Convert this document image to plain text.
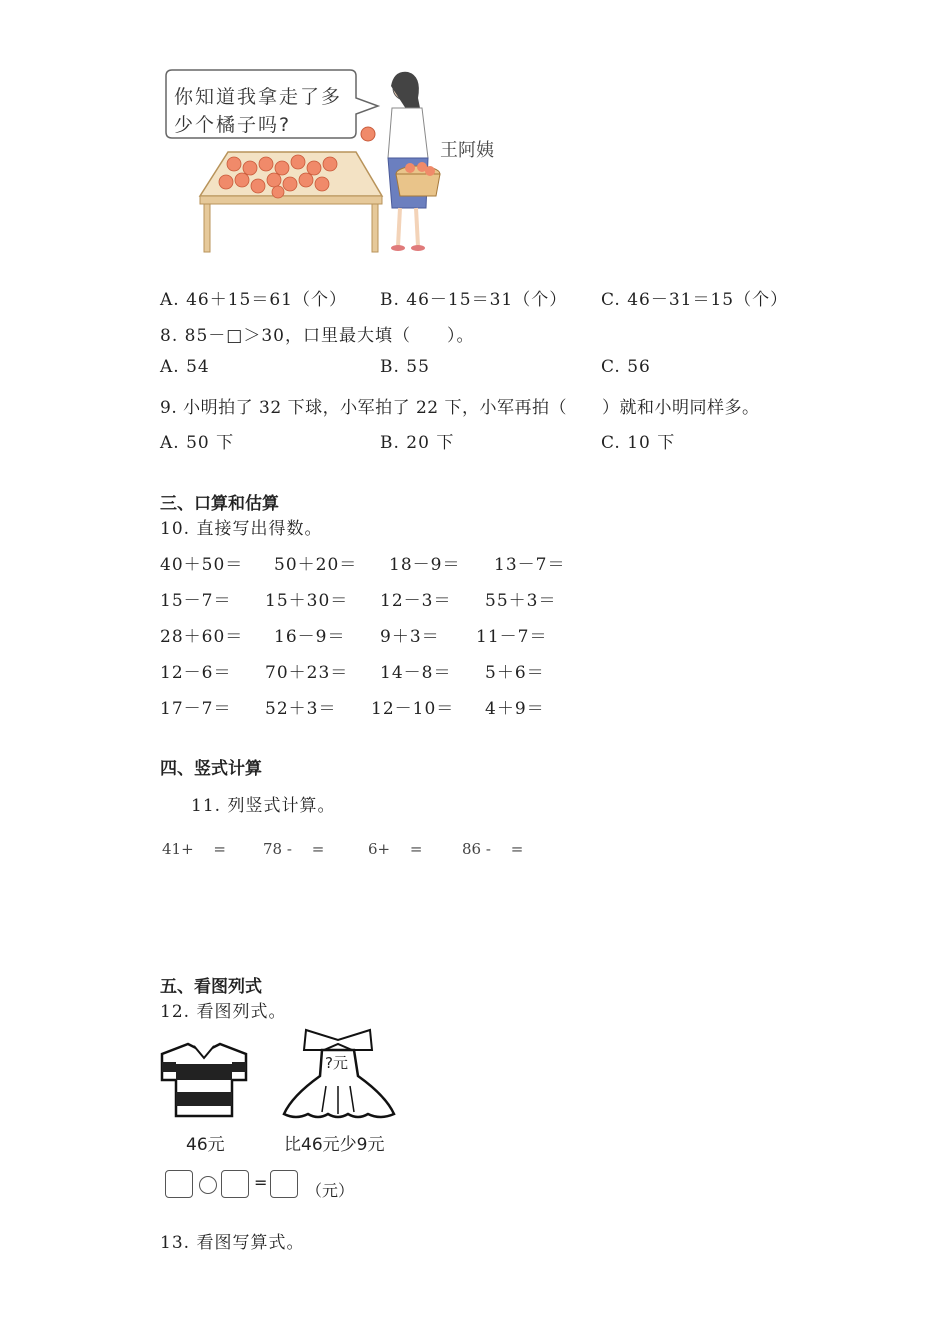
你知道我拿走了多
少个橘子吗?
王阿姨
A. 46＋15＝61（个） B. 46－15＝31（个） C. 46－31＝15（个）
8. 85－□＞30，口里最大填（　　）。
A. 54	B. 55	C. 56
9. 小明拍了 32 下球，小军拍了 22 下，小军再拍（　　）就和小明同样多。
A. 50 下	B. 20 下	C. 10 下
三、口算和估算
10. 直接写出得数。
40＋50＝ 50＋20＝ 18－9＝ 13－7＝
15－7＝ 15＋30＝ 12－3＝ 55＋3＝
28＋60＝ 16－9＝ 9＋3＝ 11－7＝
12－6＝ 70＋23＝ 14－8＝ 5＋6＝
17－7＝ 52＋3＝ 12－10＝ 4＋9＝
四、竖式计算
11. 列竖式计算。
41+　 = 78 -　 =	6+　 =	86 -　 =
五、看图列式
12. 看图列式。
46元
?元
比46元少9元
= （元）
13. 看图写算式。
